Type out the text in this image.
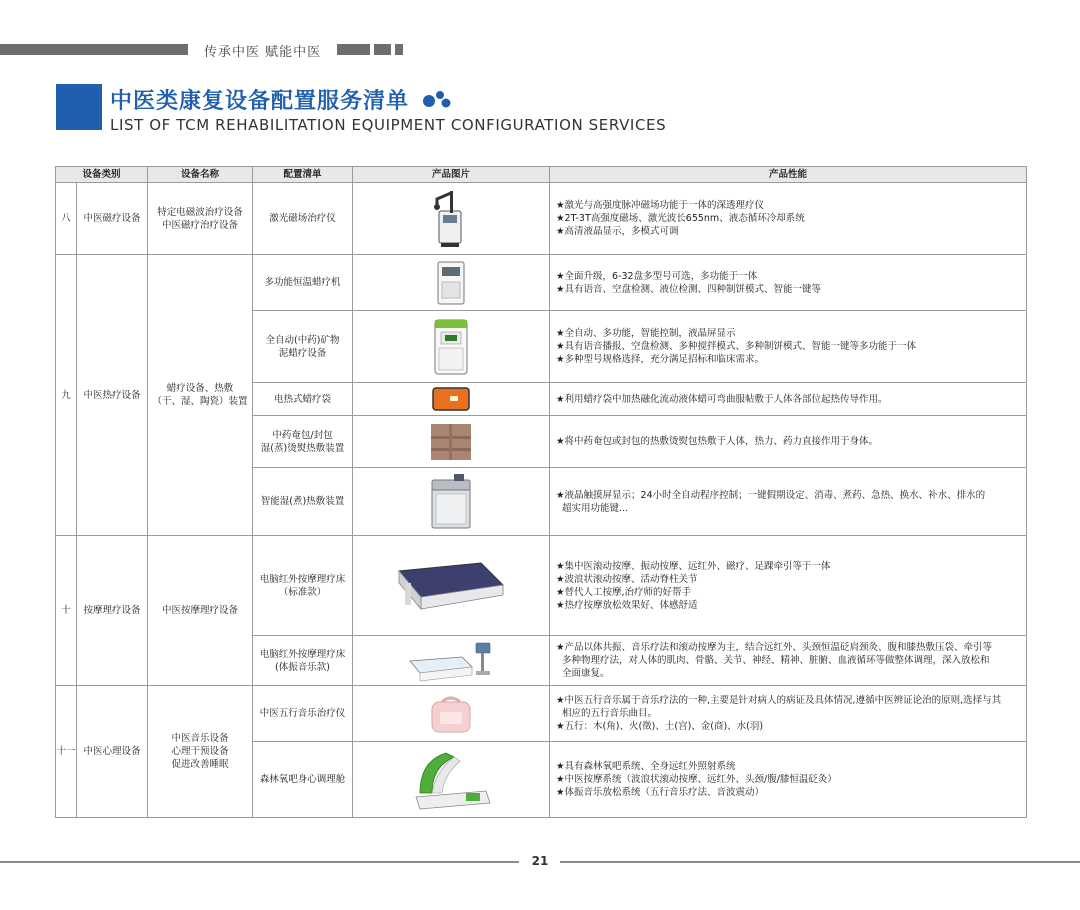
传承中医 赋能中医
中医类康复设备配置服务清单
LIST OF TCM REHABILITATION EQUIPMENT CONFIGURATION SERVICES
设备类别		设备名称	配置清单	产品图片	产品性能
八	中医磁疗设备	特定电磁波治疗设备
中医磁疗治疗设备	激光磁场治疗仪		★激光与高强度脉冲磁场功能于一体的深透理疗仪
★2T-3T高强度磁场、激光波长655nm、液态循环冷却系统
★高清液晶显示，多模式可调

九	中医热疗设备	蜡疗设备、热敷
（干、湿、陶瓷）装置	多功能恒温蜡疗机		★全面升级，6-32盘多型号可选，多功能于一体
★具有语音、空盘检测、液位检测、四种制饼模式、智能一键等

			全自动(中药)矿物
泥蜡疗设备		★全自动、多功能，智能控制，液晶屏显示
★具有语音播报、空盘检测、多种搅拌模式、多种制饼模式、智能一键等多功能于一体
★多种型号规格选择，充分满足招标和临床需求。

			电热式蜡疗袋		★利用蜡疗袋中加热融化流动液体蜡可弯曲服帖敷于人体各部位起热传导作用。

			中药奄包/封包
湿(蒸)烫熨热敷装置		★将中药奄包或封包的热敷烫熨包热敷于人体，热力、药力直接作用于身体。

			智能湿(煮)热敷装置		★液晶触摸屏显示；24小时全自动程序控制；一键假期设定、消毒、煮药、急热、换水、补水、排水的
超实用功能键...

十	按摩理疗设备	中医按摩理疗设备	电脑红外按摩理疗床
（标准款）		★集中医滚动按摩、振动按摩、远红外、磁疗、足踝牵引等于一体
★波浪状滚动按摩、活动脊柱关节
★替代人工按摩,治疗师的好帮手
★热疗按摩放松效果好、体感舒适

			电脑红外按摩理疗床
(体振音乐款)		★产品以体共振、音乐疗法和滚动按摩为主，结合远红外、头颈恒温砭肩颈灸、腹和膝热敷压袋、牵引等
多种物理疗法，对人体的肌肉、骨骼、关节、神经、精神、脏腑、血液循环等做整体调理，深入放松和
全面康复。

十一	中医心理设备	中医音乐设备
心理干预设备
促进改善睡眠	中医五行音乐治疗仪		★中医五行音乐属于音乐疗法的一种,主要是针对病人的病证及具体情况,遵循中医辨证论治的原则,选择与其
相应的五行音乐曲目。
★五行：木(角)、火(徵)、土(宫)、金(商)、水(羽)

			森林氧吧身心调理舱		★具有森林氧吧系统、全身远红外照射系统
★中医按摩系统（波浪状滚动按摩、远红外、头颈/腹/膝恒温砭灸）
★体振音乐放松系统（五行音乐疗法、音波震动）
21
